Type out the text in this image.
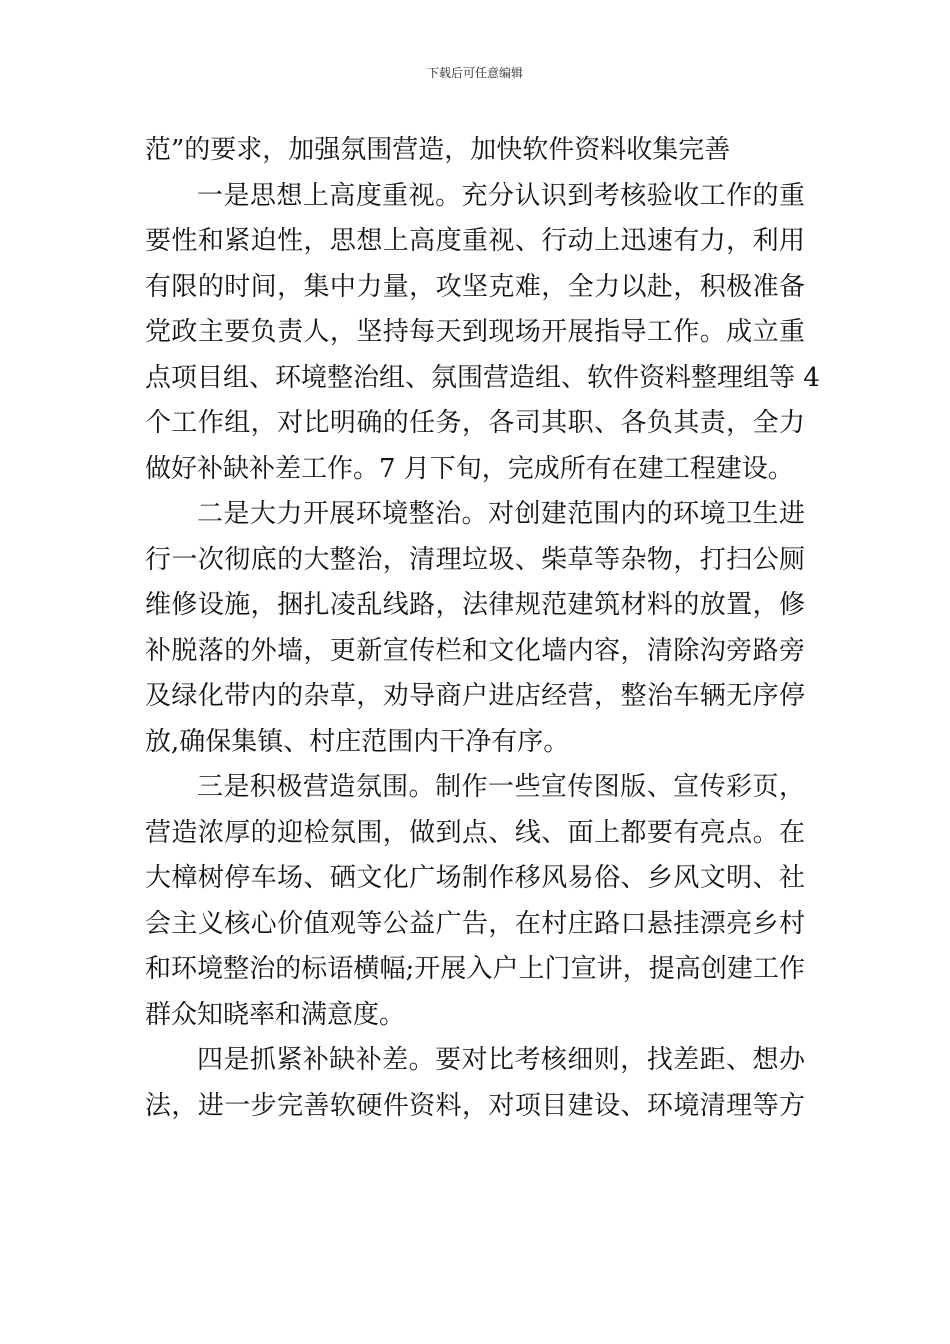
下载后可任意编辑
范”的要求，加强氛围营造，加快软件资料收集完善
一是思想上高度重视。充分认识到考核验收工作的重
要性和紧迫性，思想上高度重视、行动上迅速有力，利用
有限的时间，集中力量，攻坚克难，全力以赴，积极准备
党政主要负责人，坚持每天到现场开展指导工作。成立重
点项目组、环境整治组、氛围营造组、软件资料整理组等 4
个工作组，对比明确的任务，各司其职、各负其责，全力
做好补缺补差工作。7 月下旬，完成所有在建工程建设。
二是大力开展环境整治。对创建范围内的环境卫生进
行一次彻底的大整治，清理垃圾、柴草等杂物，打扫公厕
维修设施，捆扎凌乱线路，法律规范建筑材料的放置，修
补脱落的外墙，更新宣传栏和文化墙内容，清除沟旁路旁
及绿化带内的杂草，劝导商户进店经营，整治车辆无序停
放,确保集镇、村庄范围内干净有序。
三是积极营造氛围。制作一些宣传图版、宣传彩页，
营造浓厚的迎检氛围，做到点、线、面上都要有亮点。在
大樟树停车场、硒文化广场制作移风易俗、乡风文明、社
会主义核心价值观等公益广告，在村庄路口悬挂漂亮乡村
和环境整治的标语横幅;开展入户上门宣讲，提高创建工作
群众知晓率和满意度。
四是抓紧补缺补差。要对比考核细则，找差距、想办
法，进一步完善软硬件资料，对项目建设、环境清理等方
